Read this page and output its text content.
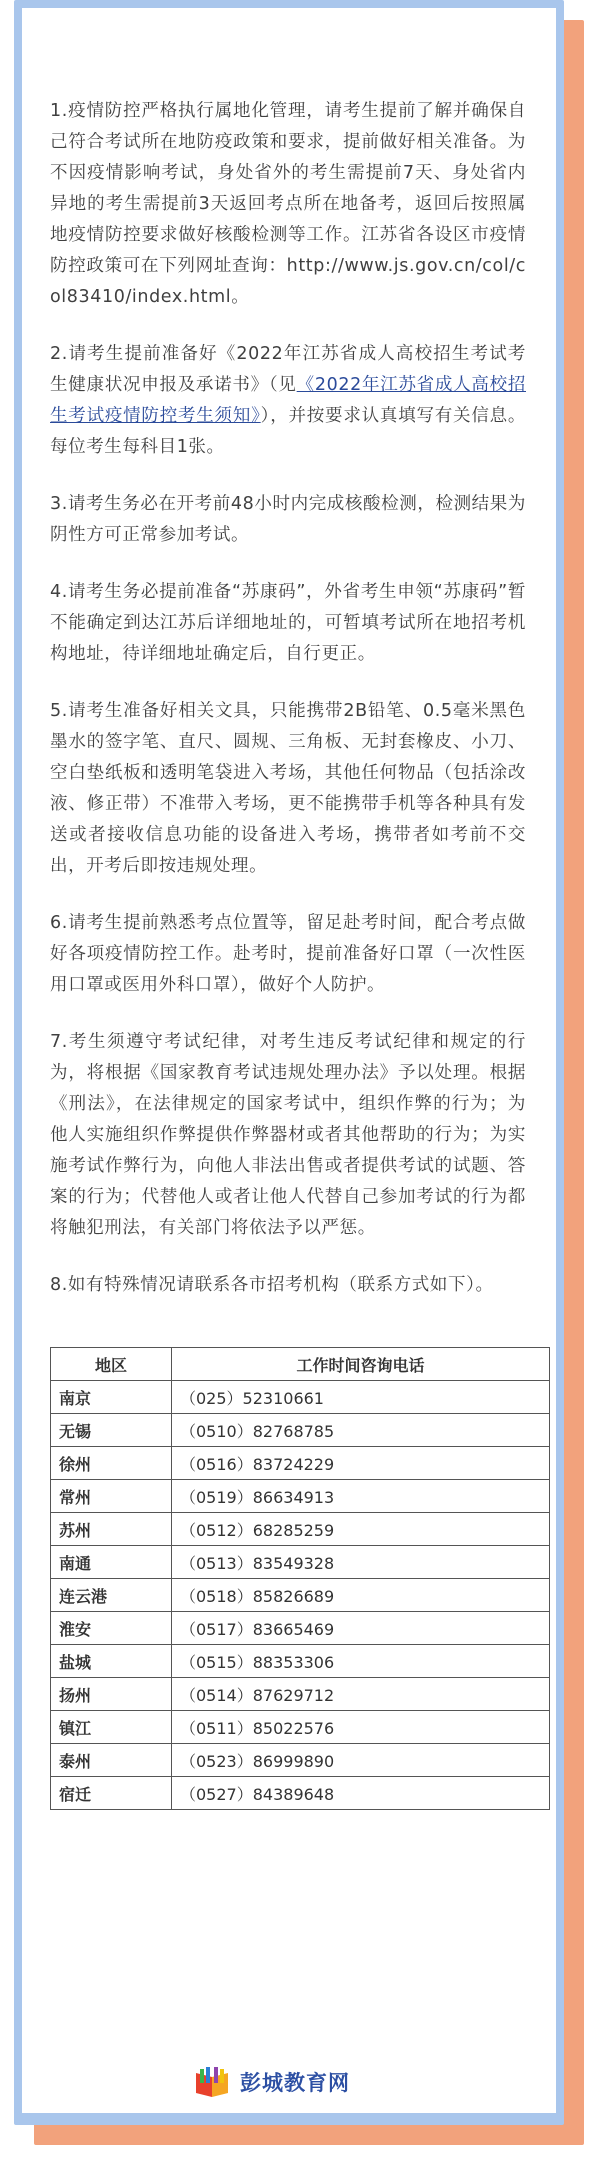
1.疫情防控严格执行属地化管理，请考生提前了解并确保自己符合考试所在地防疫政策和要求，提前做好相关准备。为不因疫情影响考试，身处省外的考生需提前7天、身处省内异地的考生需提前3天返回考点所在地备考，返回后按照属地疫情防控要求做好核酸检测等工作。江苏省各设区市疫情防控政策可在下列网址查询：http://www.js.gov.cn/col/col83410/index.html。

2.请考生提前准备好《2022年江苏省成人高校招生考试考生健康状况申报及承诺书》（见《2022年江苏省成人高校招生考试疫情防控考生须知》），并按要求认真填写有关信息。每位考生每科目1张。

3.请考生务必在开考前48小时内完成核酸检测，检测结果为阴性方可正常参加考试。

4.请考生务必提前准备“苏康码”，外省考生申领“苏康码”暂不能确定到达江苏后详细地址的，可暂填考试所在地招考机构地址，待详细地址确定后，自行更正。

5.请考生准备好相关文具，只能携带2B铅笔、0.5毫米黑色墨水的签字笔、直尺、圆规、三角板、无封套橡皮、小刀、空白垫纸板和透明笔袋进入考场，其他任何物品（包括涂改液、修正带）不准带入考场，更不能携带手机等各种具有发送或者接收信息功能的设备进入考场，携带者如考前不交出，开考后即按违规处理。

6.请考生提前熟悉考点位置等，留足赴考时间，配合考点做好各项疫情防控工作。赴考时，提前准备好口罩（一次性医用口罩或医用外科口罩），做好个人防护。

7.考生须遵守考试纪律，对考生违反考试纪律和规定的行为，将根据《国家教育考试违规处理办法》予以处理。根据《刑法》，在法律规定的国家考试中，组织作弊的行为；为他人实施组织作弊提供作弊器材或者其他帮助的行为；为实施考试作弊行为，向他人非法出售或者提供考试的试题、答案的行为；代替他人或者让他人代替自己参加考试的行为都将触犯刑法，有关部门将依法予以严惩。

8.如有特殊情况请联系各市招考机构（联系方式如下）。

地区	工作时间咨询电话
南京	（025）52310661
无锡	（0510）82768785
徐州	（0516）83724229
常州	（0519）86634913
苏州	（0512）68285259
南通	（0513）83549328
连云港	（0518）85826689
淮安	（0517）83665469
盐城	（0515）88353306
扬州	（0514）87629712
镇江	（0511）85022576
泰州	（0523）86999890
宿迁	（0527）84389648
彭城教育网
